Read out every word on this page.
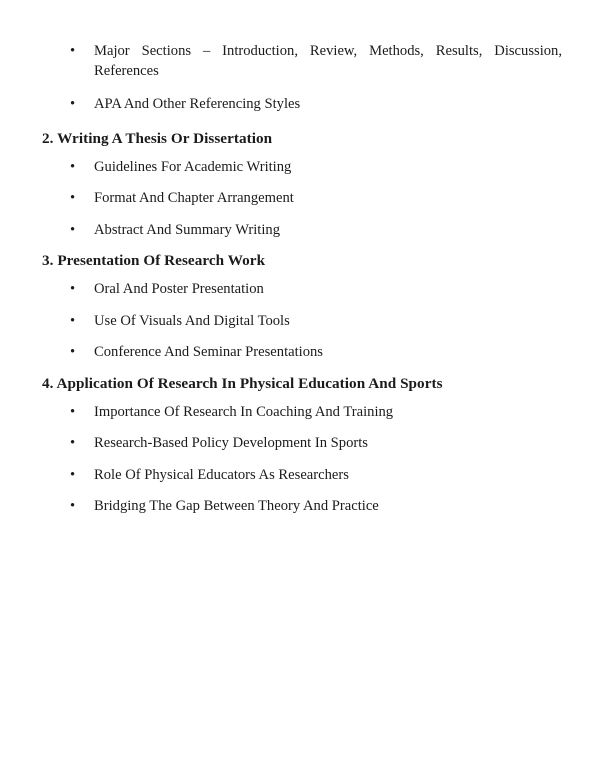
•	Major Sections – Introduction, Review, Methods, Results, Discussion, References
•	APA And Other Referencing Styles
2. Writing A Thesis Or Dissertation
•	Guidelines For Academic Writing
•	Format And Chapter Arrangement
•	Abstract And Summary Writing
3. Presentation Of Research Work
•	Oral And Poster Presentation
•	Use Of Visuals And Digital Tools
•	Conference And Seminar Presentations
4. Application Of Research In Physical Education And Sports
•	Importance Of Research In Coaching And Training
•	Research-Based Policy Development In Sports
•	Role Of Physical Educators As Researchers
•	Bridging The Gap Between Theory And Practice
